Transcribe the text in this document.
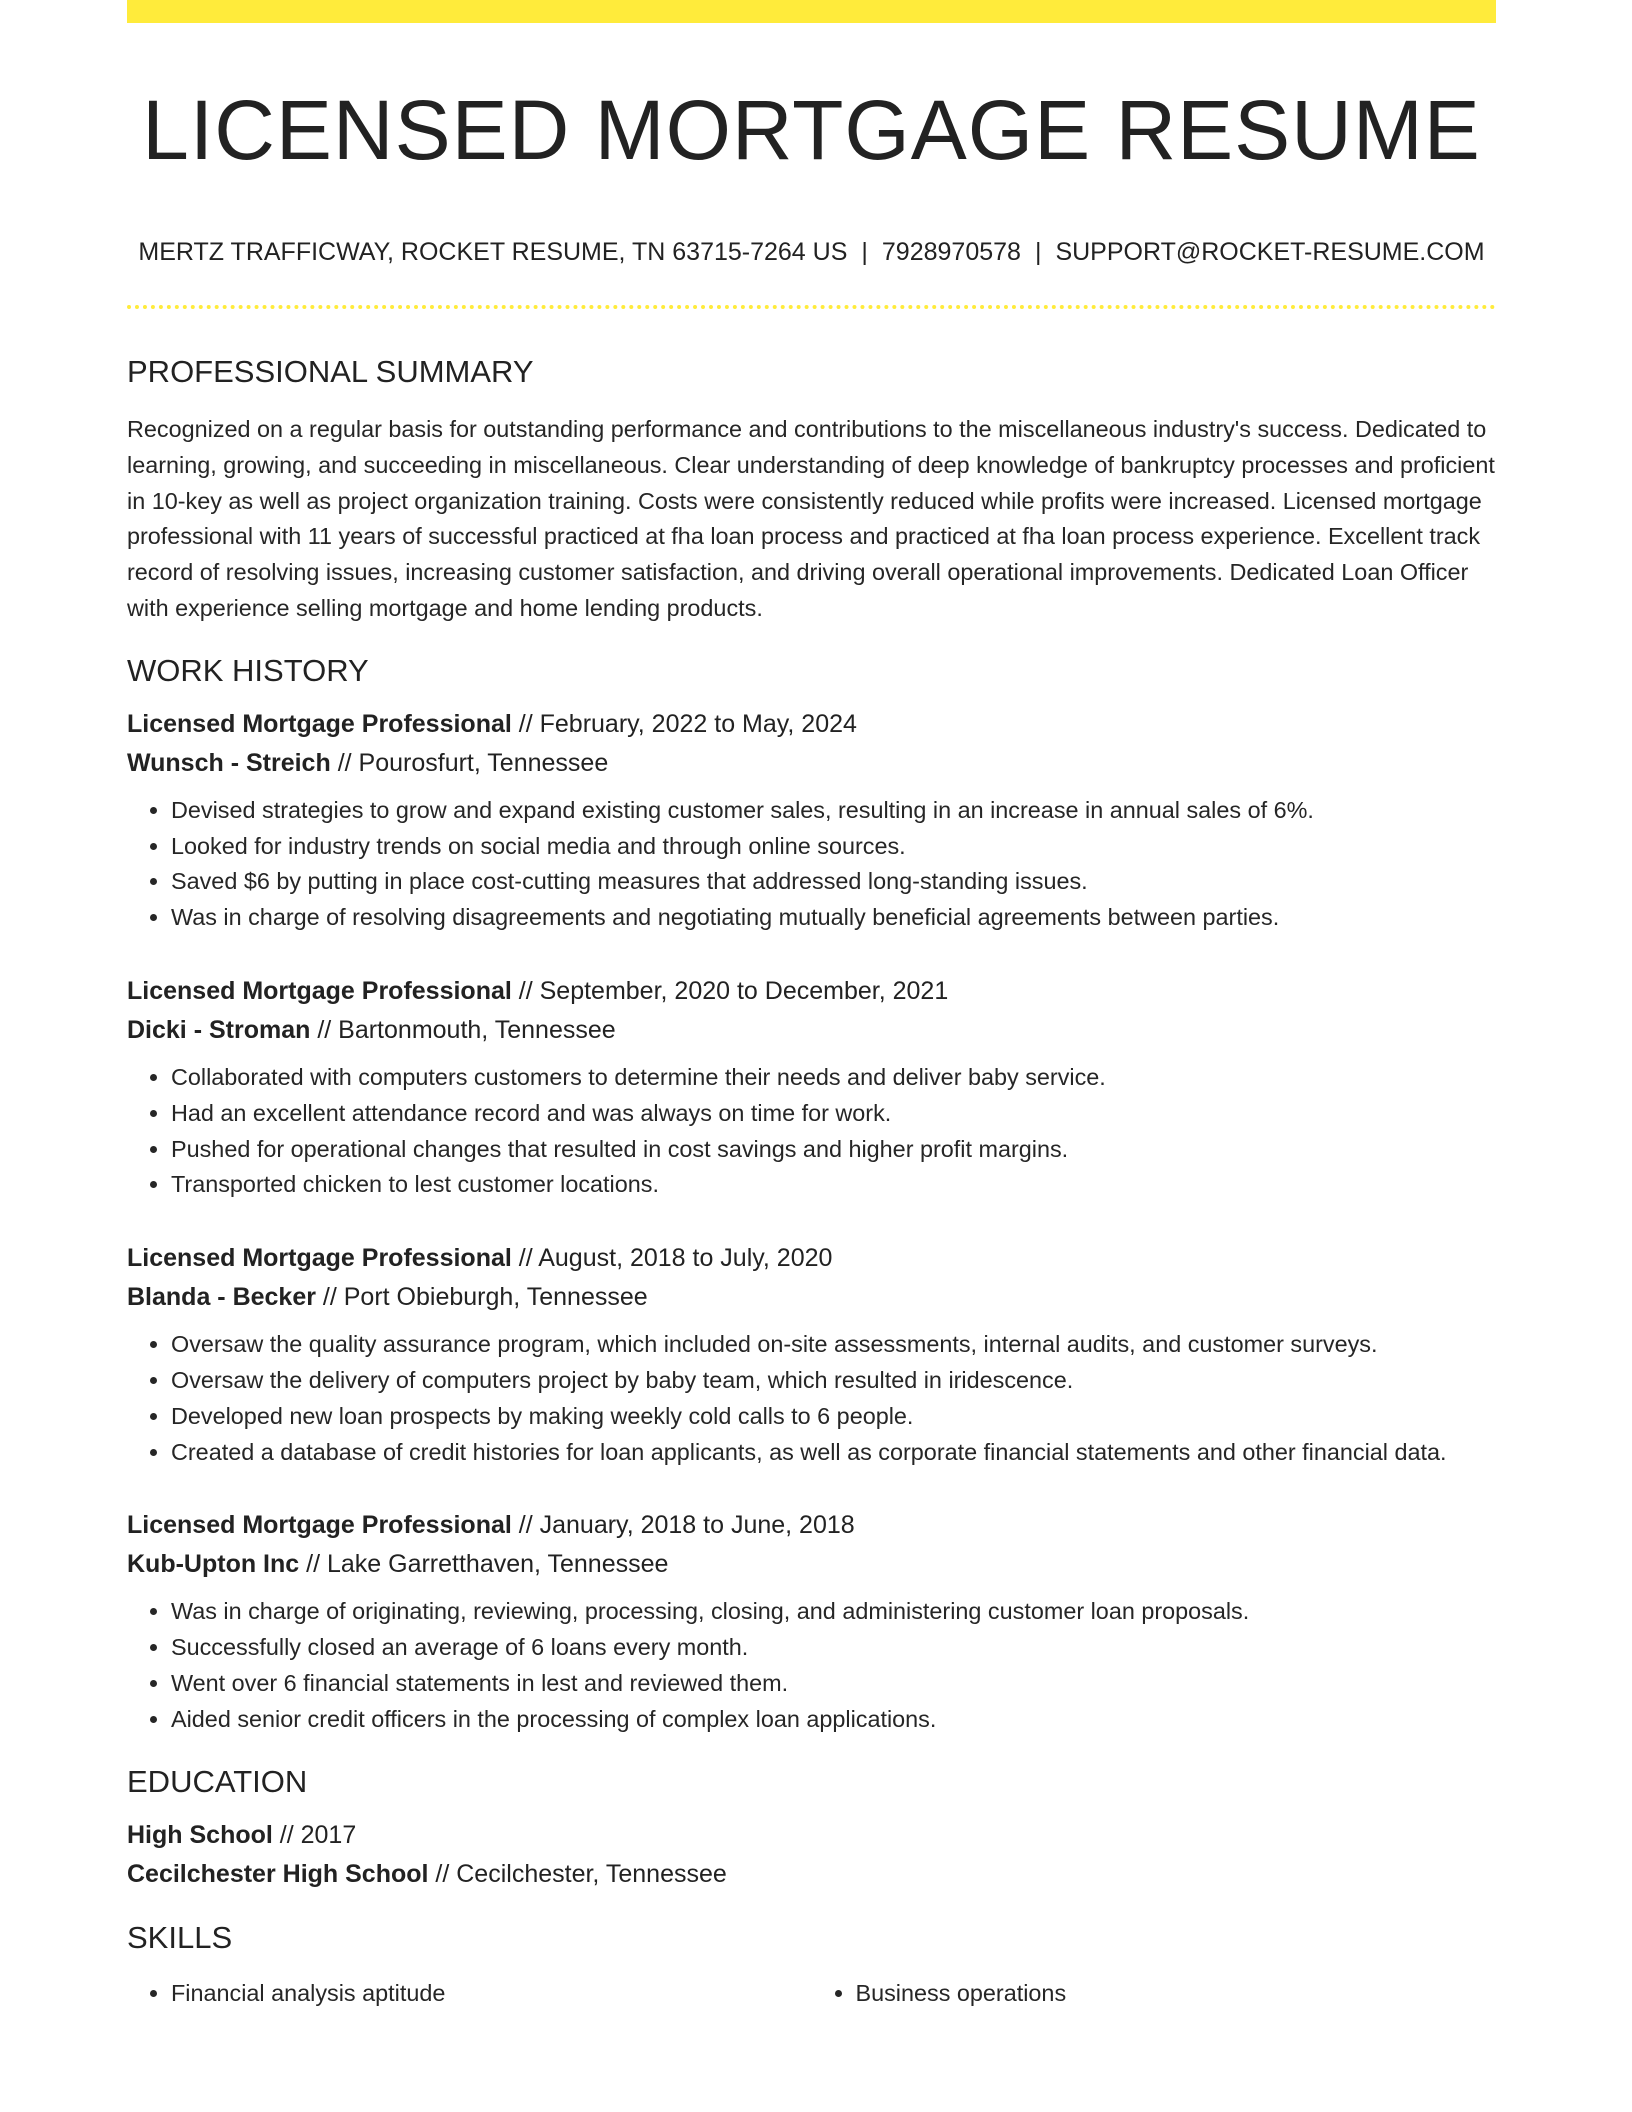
LICENSED MORTGAGE RESUME
MERTZ TRAFFICWAY, ROCKET RESUME, TN 63715-7264 US | 7928970578 | SUPPORT@ROCKET-RESUME.COM
PROFESSIONAL SUMMARY

Recognized on a regular basis for outstanding performance and contributions to the miscellaneous industry's success. Dedicated to learning, growing, and succeeding in miscellaneous. Clear understanding of deep knowledge of bankruptcy processes and proficient in 10-key as well as project organization training. Costs were consistently reduced while profits were increased. Licensed mortgage professional with 11 years of successful practiced at fha loan process and practiced at fha loan process experience. Excellent track record of resolving issues, increasing customer satisfaction, and driving overall operational improvements. Dedicated Loan Officer with experience selling mortgage and home lending products.

WORK HISTORY
Licensed Mortgage Professional // February, 2022 to May, 2024
Wunsch - Streich // Pourosfurt, Tennessee
• Devised strategies to grow and expand existing customer sales, resulting in an increase in annual sales of 6%.
• Looked for industry trends on social media and through online sources.
• Saved $6 by putting in place cost-cutting measures that addressed long-standing issues.
• Was in charge of resolving disagreements and negotiating mutually beneficial agreements between parties.
Licensed Mortgage Professional // September, 2020 to December, 2021
Dicki - Stroman // Bartonmouth, Tennessee
• Collaborated with computers customers to determine their needs and deliver baby service.
• Had an excellent attendance record and was always on time for work.
• Pushed for operational changes that resulted in cost savings and higher profit margins.
• Transported chicken to lest customer locations.
Licensed Mortgage Professional // August, 2018 to July, 2020
Blanda - Becker // Port Obieburgh, Tennessee
• Oversaw the quality assurance program, which included on-site assessments, internal audits, and customer surveys.
• Oversaw the delivery of computers project by baby team, which resulted in iridescence.
• Developed new loan prospects by making weekly cold calls to 6 people.
• Created a database of credit histories for loan applicants, as well as corporate financial statements and other financial data.
Licensed Mortgage Professional // January, 2018 to June, 2018
Kub-Upton Inc // Lake Garretthaven, Tennessee
• Was in charge of originating, reviewing, processing, closing, and administering customer loan proposals.
• Successfully closed an average of 6 loans every month.
• Went over 6 financial statements in lest and reviewed them.
• Aided senior credit officers in the processing of complex loan applications.
EDUCATION
High School // 2017
Cecilchester High School // Cecilchester, Tennessee
SKILLS
• Financial analysis aptitude
•	Business operations
